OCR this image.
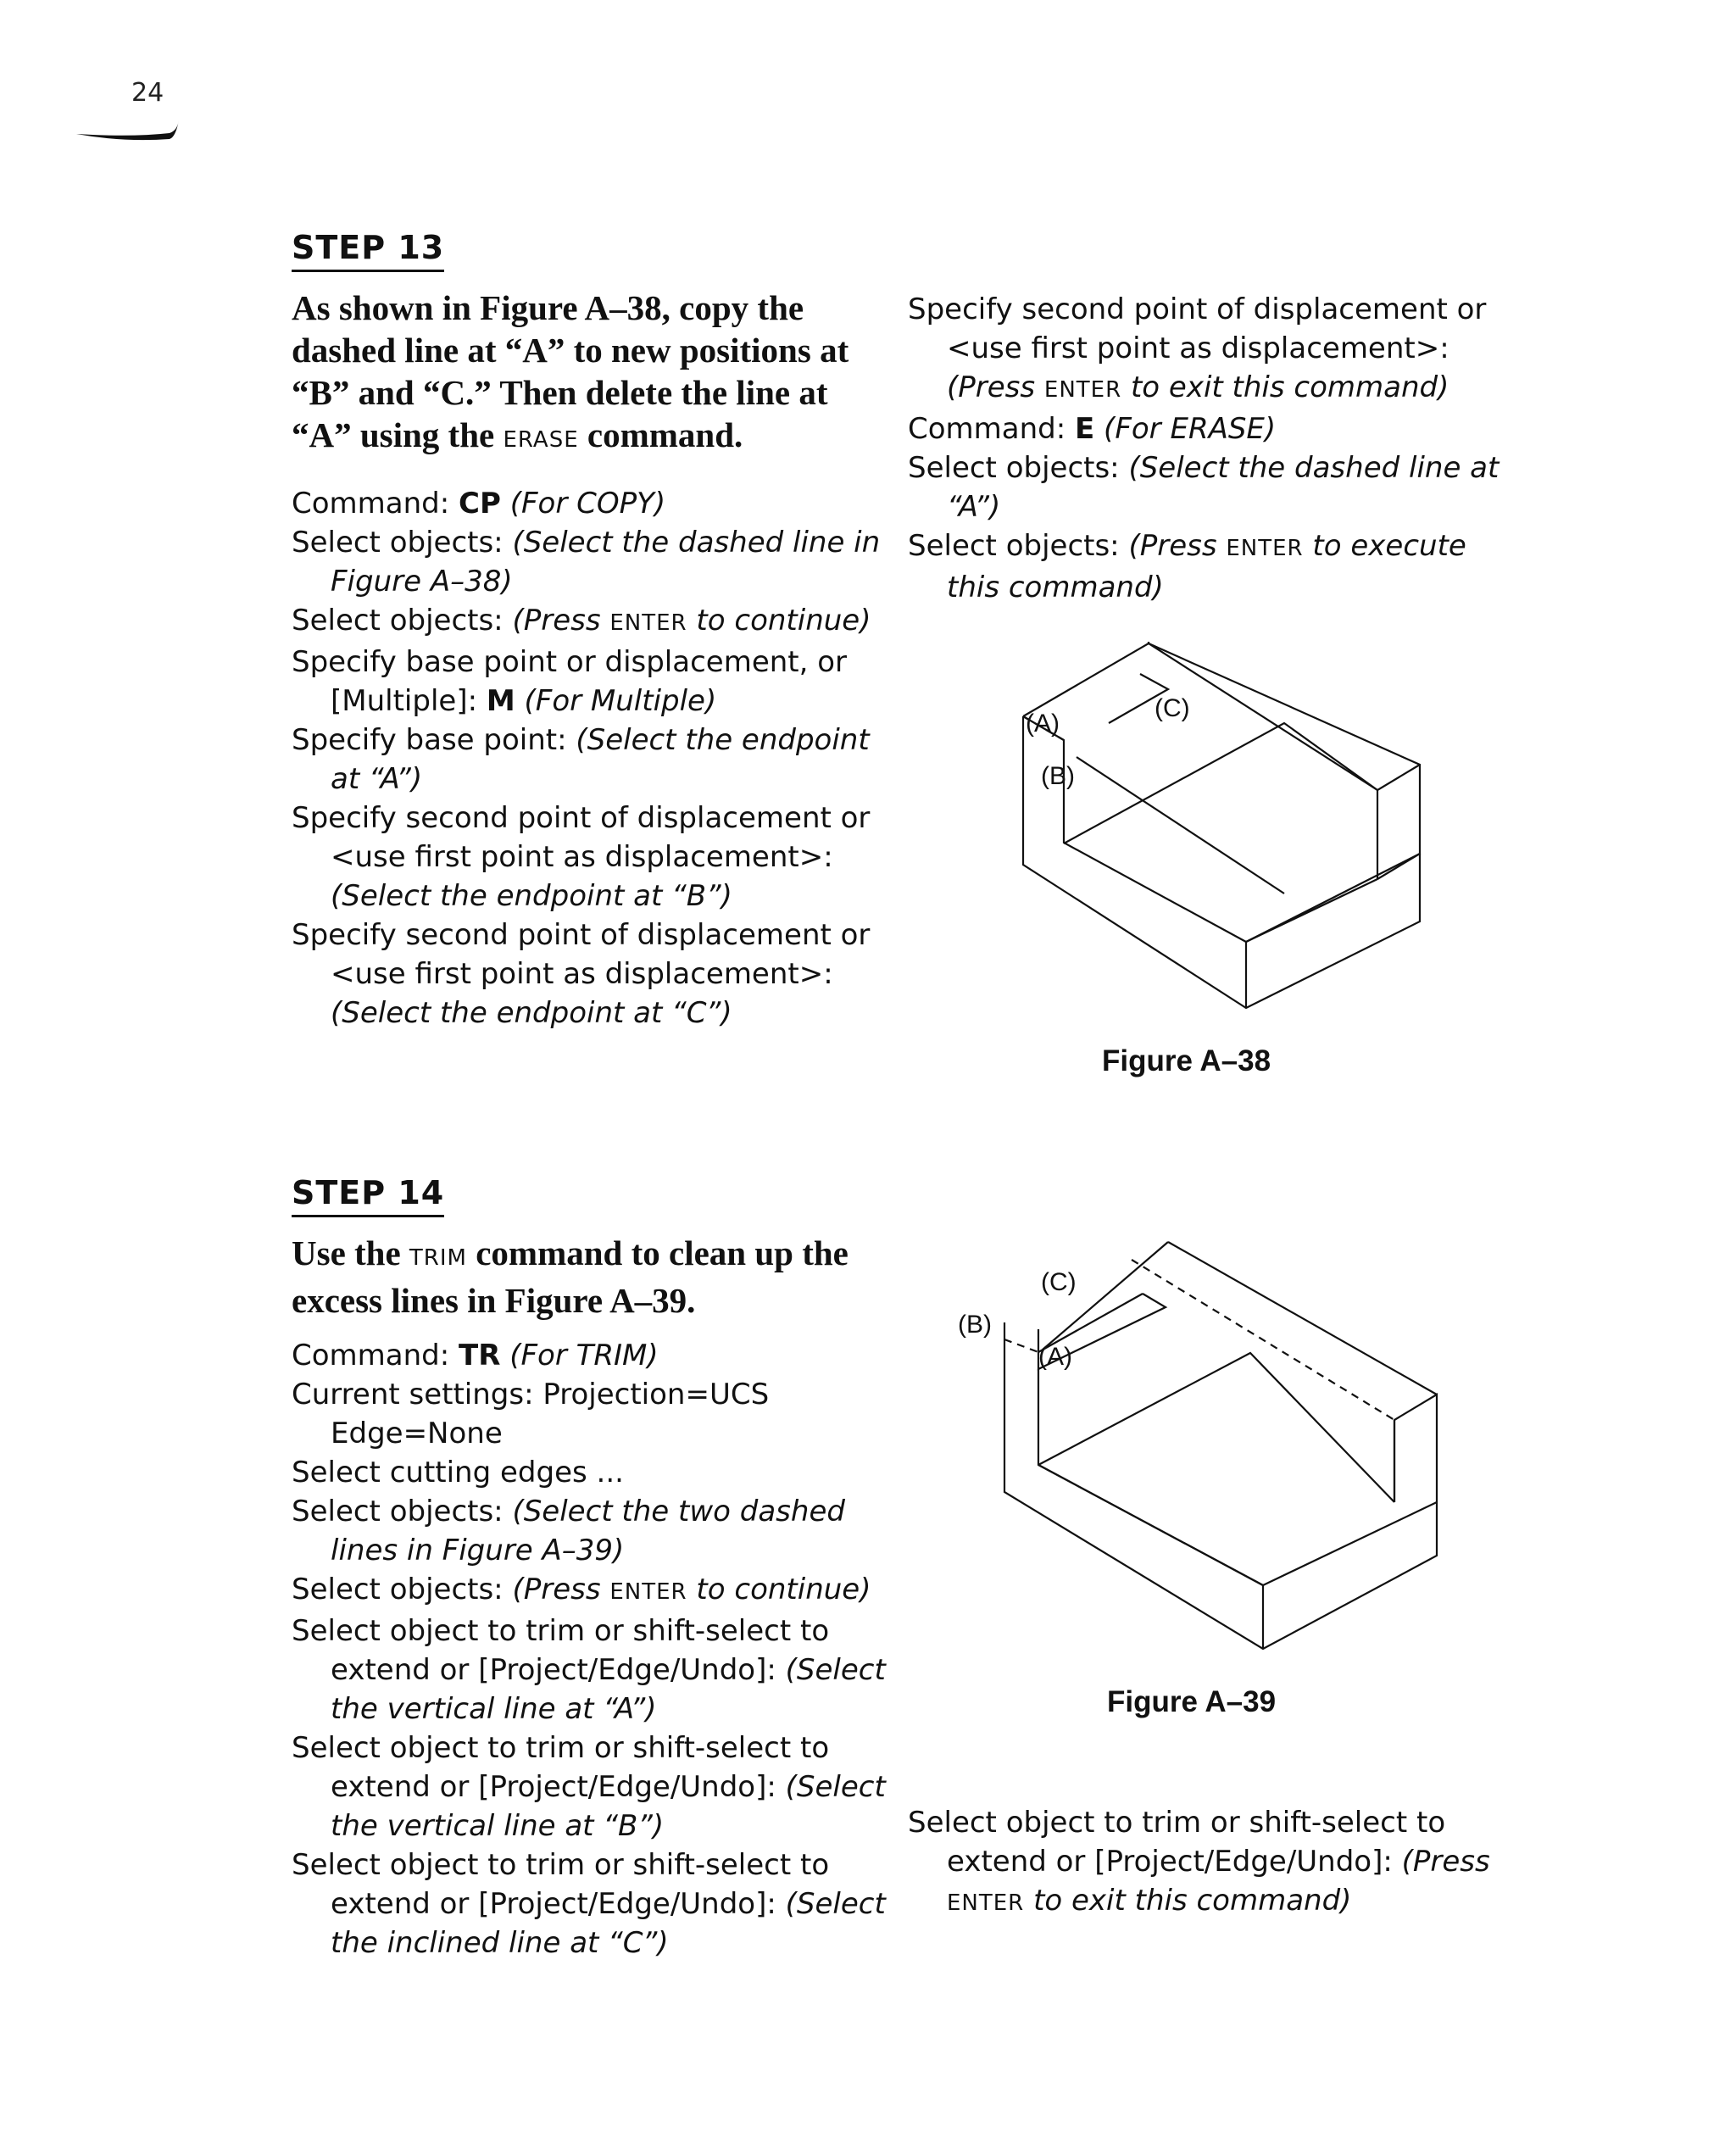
24
STEP 13

As shown in Figure A–38, copy the dashed line at “A” to new positions at “B” and “C.” Then delete the line at “A” using the ERASE command.

Command: CP (For COPY)
Select objects: (Select the dashed line in Figure A–38)
Select objects: (Press ENTER to continue)
Specify base point or displacement, or [Multiple]: M (For Multiple)
Specify base point: (Select the endpoint at “A”)
Specify second point of displacement or <use first point as displacement>: (Select the endpoint at “B”)
Specify second point of displacement or <use first point as displacement>: (Select the endpoint at “C”)
Specify second point of displacement or <use first point as displacement>: (Press ENTER to exit this command)
Command: E (For ERASE)
Select objects: (Select the dashed line at “A”)
Select objects: (Press ENTER to execute this command)
(A)
(B)
(C)
Figure A–38
STEP 14

Use the TRIM command to clean up the excess lines in Figure A–39.

Command: TR (For TRIM)
Current settings: Projection=UCS Edge=None
Select cutting edges ...
Select objects: (Select the two dashed lines in Figure A–39)
Select objects: (Press ENTER to continue)
Select object to trim or shift-select to extend or [Project/Edge/Undo]: (Select the vertical line at “A”)
Select object to trim or shift-select to extend or [Project/Edge/Undo]: (Select the vertical line at “B”)
Select object to trim or shift-select to extend or [Project/Edge/Undo]: (Select the inclined line at “C”)
(B)
(A)
(C)
Figure A–39
Select object to trim or shift-select to extend or [Project/Edge/Undo]: (Press ENTER to exit this command)
